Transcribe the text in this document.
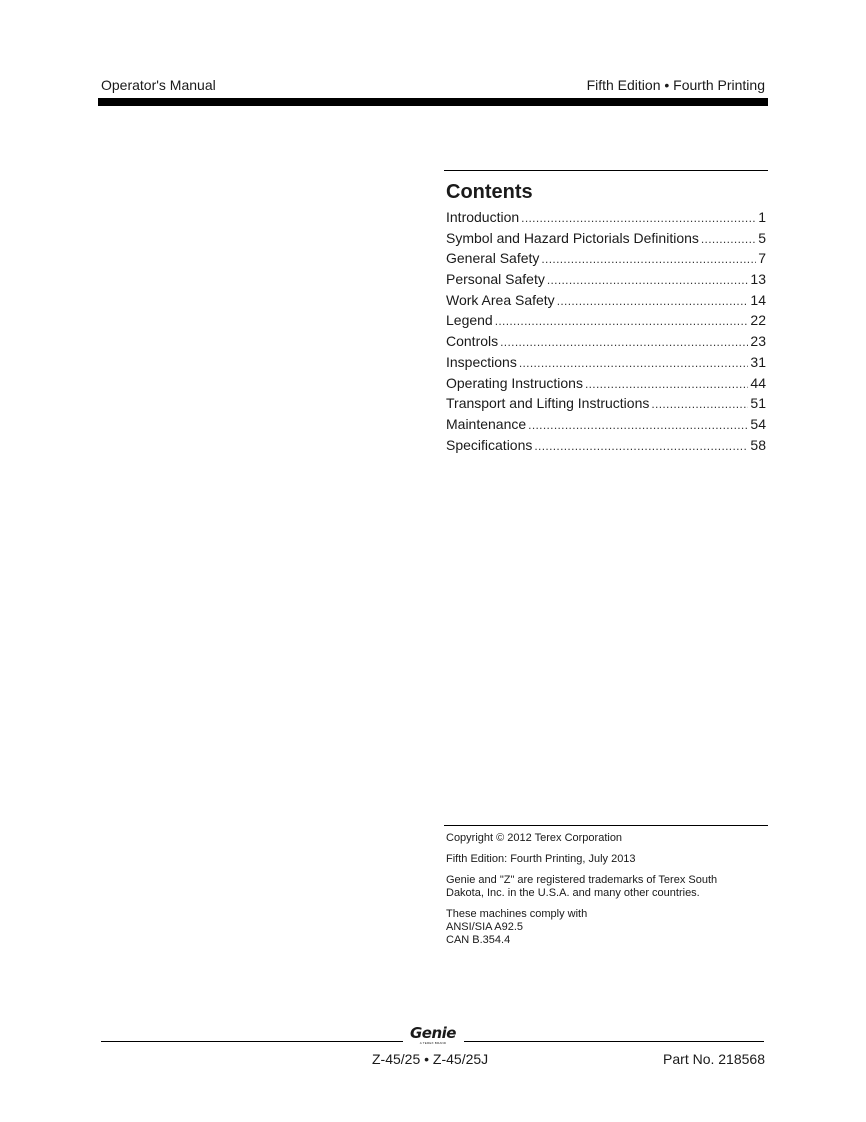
Operator's Manual	Fifth Edition • Fourth Printing
Contents
Introduction . . .	1
Symbol and Hazard Pictorials Definitions . . .	5
General Safety . . .	7
Personal Safety . . .	13
Work Area Safety . . .	14
Legend . . .	22
Controls . . .	23
Inspections . . .	31
Operating Instructions . . .	44
Transport and Lifting Instructions . . .	51
Maintenance . . .	54
Specifications . . .	58

Copyright © 2012 Terex Corporation

Fifth Edition: Fourth Printing, July 2013

Genie and "Z" are registered trademarks of Terex South Dakota, Inc. in the U.S.A. and many other countries.

These machines comply with
ANSI/SIA A92.5
CAN B.354.4

Genie
A TEREX BRAND
Z-45/25 • Z-45/25J	Part No. 218568
